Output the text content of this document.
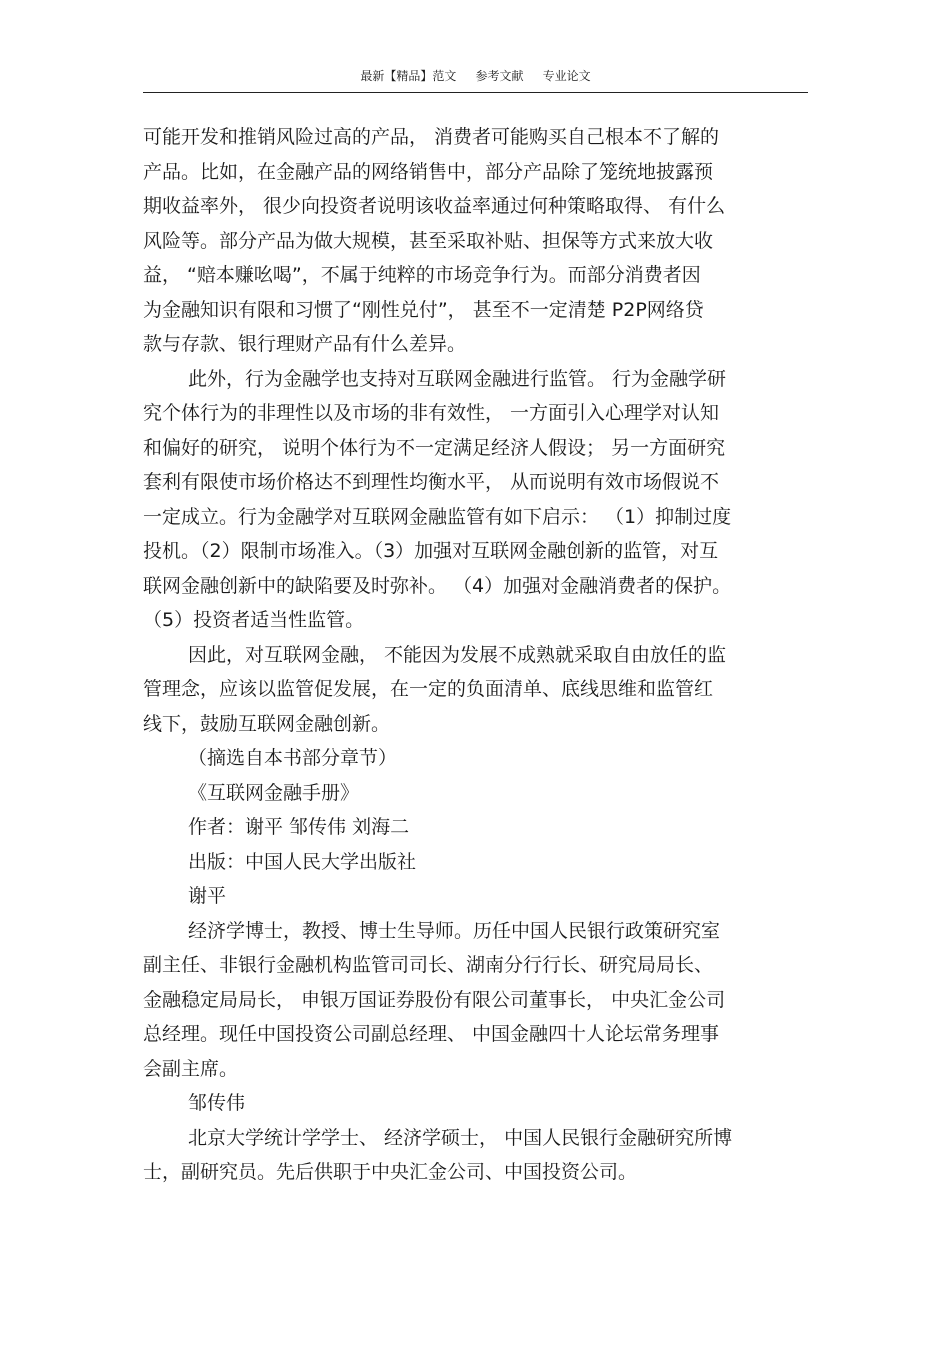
最新【精品】范文     参考文献     专业论文

可能开发和推销风险过高的产品， 消费者可能购买自己根本不了解的

产品。比如，在金融产品的网络销售中，部分产品除了笼统地披露预

期收益率外， 很少向投资者说明该收益率通过何种策略取得、 有什么

风险等。部分产品为做大规模，甚至采取补贴、担保等方式来放大收

益， “赔本赚吆喝”，不属于纯粹的市场竞争行为。而部分消费者因

为金融知识有限和习惯了“刚性兑付”， 甚至不一定清楚 P2P网络贷

款与存款、银行理财产品有什么差异。

此外，行为金融学也支持对互联网金融进行监管。 行为金融学研

究个体行为的非理性以及市场的非有效性， 一方面引入心理学对认知

和偏好的研究， 说明个体行为不一定满足经济人假设； 另一方面研究

套利有限使市场价格达不到理性均衡水平， 从而说明有效市场假说不

一定成立。行为金融学对互联网金融监管有如下启示： （1）抑制过度

投机。（2）限制市场准入。（3）加强对互联网金融创新的监管，对互

联网金融创新中的缺陷要及时弥补。 （4）加强对金融消费者的保护。

（5）投资者适当性监管。

因此，对互联网金融， 不能因为发展不成熟就采取自由放任的监

管理念，应该以监管促发展，在一定的负面清单、底线思维和监管红

线下，鼓励互联网金融创新。

（摘选自本书部分章节）

《互联网金融手册》

作者：谢平 邹传伟 刘海二

出版：中国人民大学出版社

谢平

经济学博士，教授、博士生导师。历任中国人民银行政策研究室

副主任、非银行金融机构监管司司长、湖南分行行长、研究局局长、

金融稳定局局长， 申银万国证券股份有限公司董事长， 中央汇金公司

总经理。现任中国投资公司副总经理、 中国金融四十人论坛常务理事

会副主席。

邹传伟

北京大学统计学学士、 经济学硕士， 中国人民银行金融研究所博

士，副研究员。先后供职于中央汇金公司、中国投资公司。
